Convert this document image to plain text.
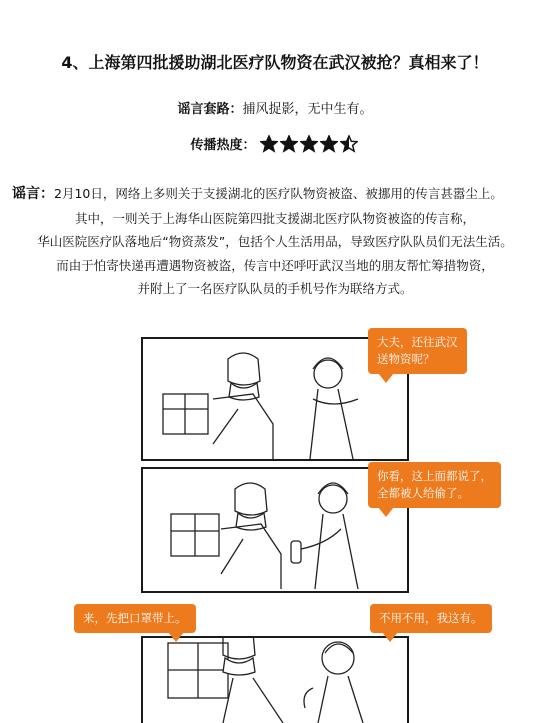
4、上海第四批援助湖北医疗队物资在武汉被抢？真相来了！
谣言套路：捕风捉影，无中生有。
传播热度：
谣言：2月10日，网络上多则关于支援湖北的医疗队物资被盗、被挪用的传言甚嚣尘上。
其中，一则关于上海华山医院第四批支援湖北医疗队物资被盗的传言称，
华山医院医疗队落地后“物资蒸发”，包括个人生活用品，导致医疗队队员们无法生活。
而由于怕寄快递再遭遇物资被盗，传言中还呼吁武汉当地的朋友帮忙筹措物资，
并附上了一名医疗队队员的手机号作为联络方式。
大夫，还往武汉
送物资呢？
你看，这上面都说了，
全都被人给偷了。
来，先把口罩带上。	不用不用，我这有。
